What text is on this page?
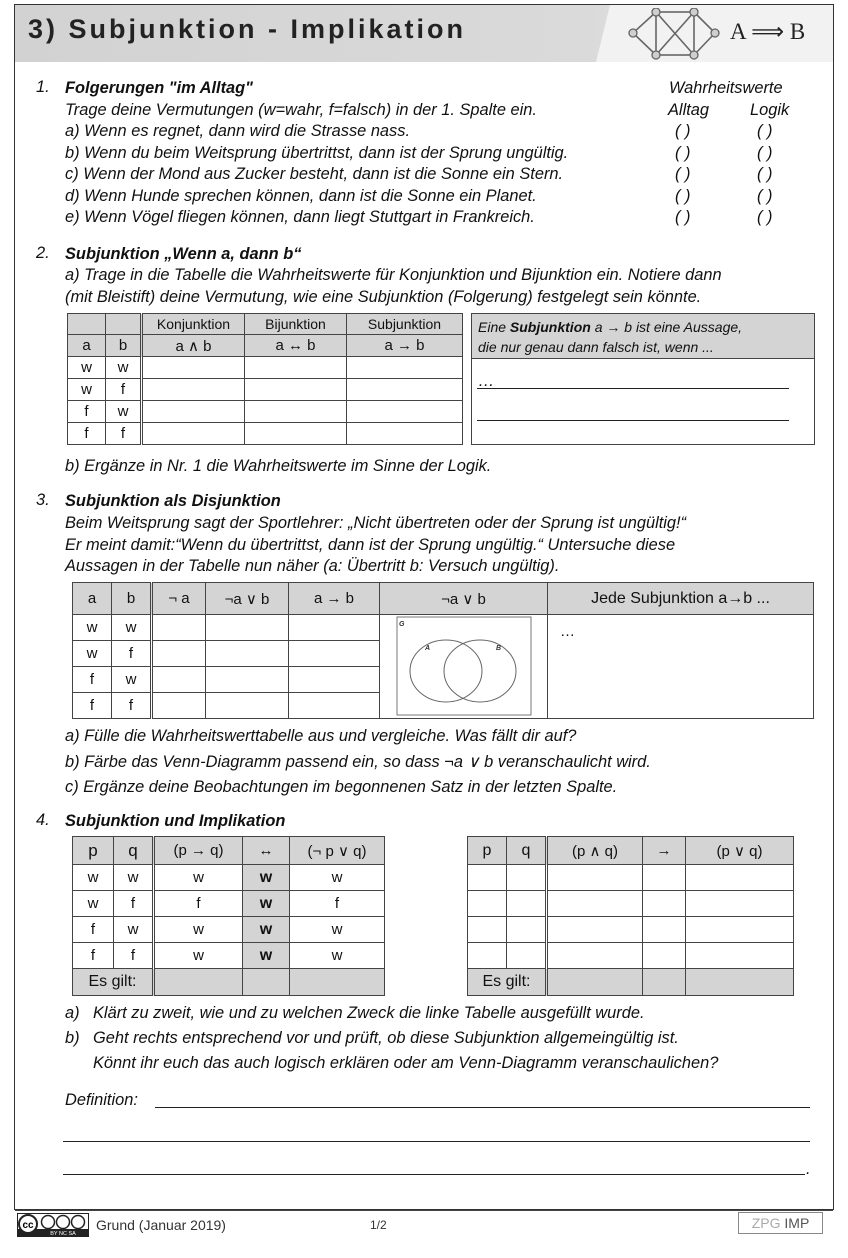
3) Subjunktion - Implikation	A ⟹ B
1. Folgerungen "im Alltag"	Wahrheitswerte
Trage deine Vermutungen (w=wahr, f=falsch) in der 1. Spalte ein.	Alltag Logik
a) Wenn es regnet, dann wird die Strasse nass.
b) Wenn du beim Weitsprung übertrittst, dann ist der Sprung ungültig.
c) Wenn der Mond aus Zucker besteht, dann ist die Sonne ein Stern.
d) Wenn Hunde sprechen können, dann ist die Sonne ein Planet.
e) Wenn Vögel fliegen können, dann liegt Stuttgart in Frankreich.
( )	( )
( )	( )
( )	( )
( )	( )
( )	( )
2. Subjunktion „Wenn a, dann b“
a) Trage in die Tabelle die Wahrheitswerte für Konjunktion und Bijunktion ein. Notiere dann
(mit Bleistift) deine Vermutung, wie eine Subjunktion (Folgerung) festgelegt sein könnte.
		Konjunktion	Bijunktion	Subjunktion
a	b	a ∧ b	a ↔ b	a → b
w	w			
w	f			
f	w			
f	f			
Eine Subjunktion a → b ist eine Aussage,
die nur genau dann falsch ist, wenn ...
…
b) Ergänze in Nr. 1 die Wahrheitswerte im Sinne der Logik.
3. Subjunktion als Disjunktion
Beim Weitsprung sagt der Sportlehrer: „Nicht übertreten oder der Sprung ist ungültig!“
Er meint damit:“Wenn du übertrittst, dann ist der Sprung ungültig.“ Untersuche diese
Aussagen in der Tabelle nun näher (a: Übertritt b: Versuch ungültig).
a	b	¬ a	¬a ∨ b	a → b	¬a ∨ b	Jede Subjunktion a→b ...
w	w					…
w	f					
f	w					
f	f					
G
A	B
a) Fülle die Wahrheitswerttabelle aus und vergleiche. Was fällt dir auf?
b) Färbe das Venn-Diagramm passend ein, so dass ¬a ∨ b veranschaulicht wird.
c) Ergänze deine Beobachtungen im begonnenen Satz in der letzten Spalte.
4. Subjunktion und Implikation
p	q	(p → q)	↔	(¬ p ∨ q)
w	w	w	w	w
w	f	f	w	f
f	w	w	w	w
f	f	w	w	w
Es gilt:				
p	q	(p ∧ q)	→	(p ∨ q)

Es gilt:				
a) Klärt zu zweit, wie und zu welchen Zweck die linke Tabelle ausgefüllt wurde.
b) Geht rechts entsprechend vor und prüft, ob diese Subjunktion allgemeingültig ist.
Könnt ihr euch das auch logisch erklären oder am Venn-Diagramm veranschaulichen?
Definition:
.
cc
BY NC SA
Grund (Januar 2019)	1/2	ZPG IMP
